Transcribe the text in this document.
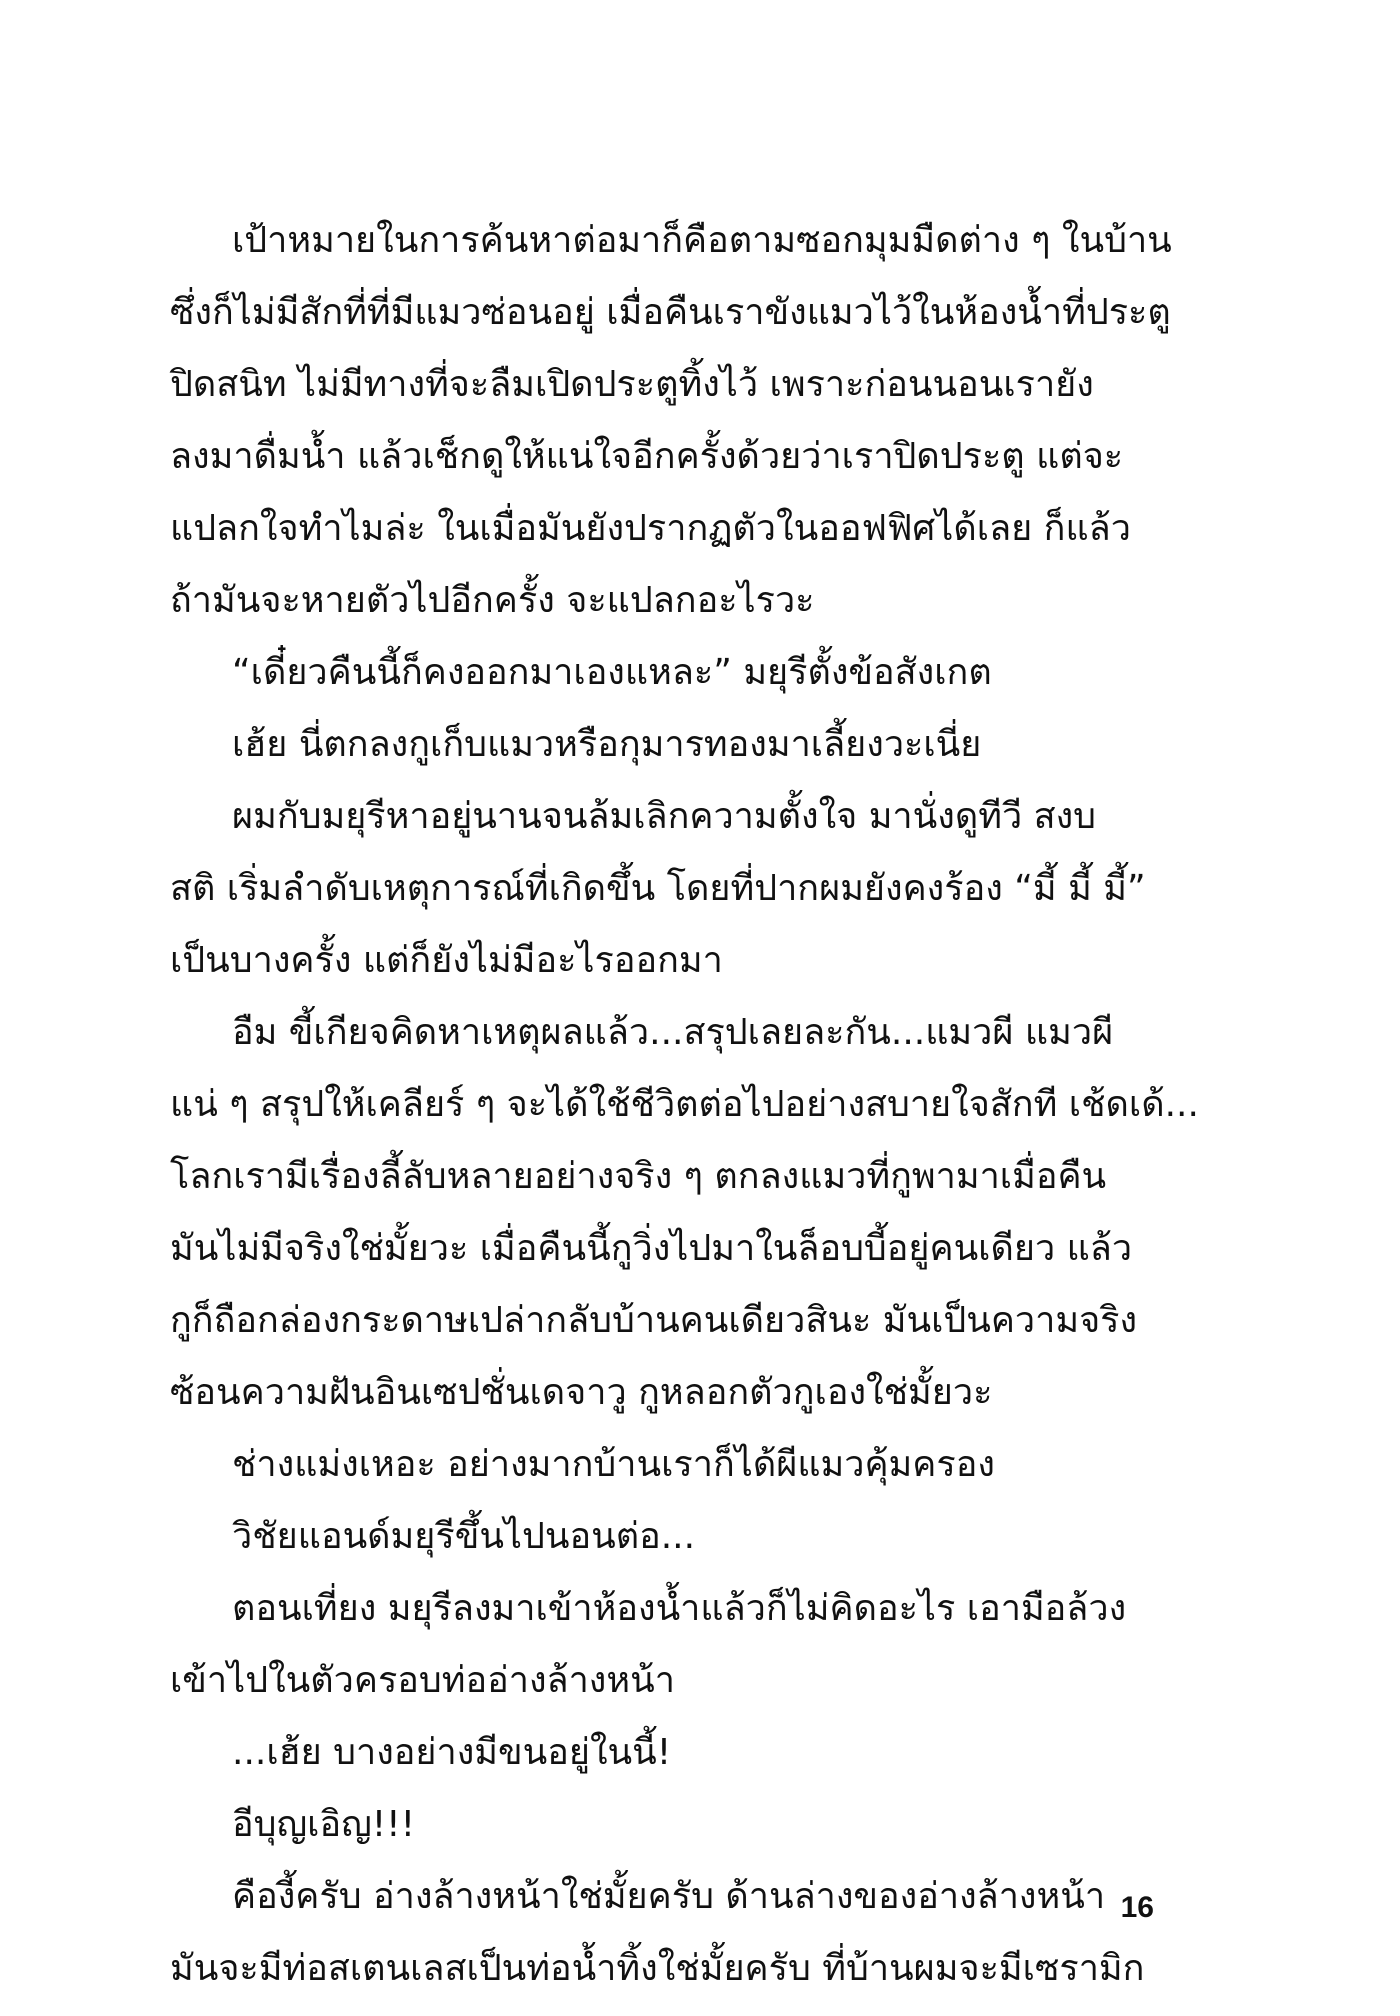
เป้าหมายในการค้นหาต่อมาก็คือตามซอกมุมมืดต่าง ๆ ในบ้าน
ซึ่งก็ไม่มีสักที่ที่มีแมวซ่อนอยู่ เมื่อคืนเราขังแมวไว้ในห้องน้ำที่ประตู
ปิดสนิท ไม่มีทางที่จะลืมเปิดประตูทิ้งไว้ เพราะก่อนนอนเรายัง
ลงมาดื่มน้ำ แล้วเช็กดูให้แน่ใจอีกครั้งด้วยว่าเราปิดประตู แต่จะ
แปลกใจทำไมล่ะ ในเมื่อมันยังปรากฏตัวในออฟฟิศได้เลย ก็แล้ว
ถ้ามันจะหายตัวไปอีกครั้ง จะแปลกอะไรวะ
“เดี๋ยวคืนนี้ก็คงออกมาเองแหละ” มยุรีตั้งข้อสังเกต
เฮ้ย นี่ตกลงกูเก็บแมวหรือกุมารทองมาเลี้ยงวะเนี่ย
ผมกับมยุรีหาอยู่นานจนล้มเลิกความตั้งใจ มานั่งดูทีวี สงบ
สติ เริ่มลำดับเหตุการณ์ที่เกิดขึ้น โดยที่ปากผมยังคงร้อง “มี้ มี้ มี้”
เป็นบางครั้ง แต่ก็ยังไม่มีอะไรออกมา
อืม ขี้เกียจคิดหาเหตุผลแล้ว...สรุปเลยละกัน...แมวผี แมวผี
แน่ ๆ สรุปให้เคลียร์ ๆ จะได้ใช้ชีวิตต่อไปอย่างสบายใจสักที เช้ดเด้...
โลกเรามีเรื่องลี้ลับหลายอย่างจริง ๆ ตกลงแมวที่กูพามาเมื่อคืน
มันไม่มีจริงใช่มั้ยวะ เมื่อคืนนี้กูวิ่งไปมาในล็อบบี้อยู่คนเดียว แล้ว
กูก็ถือกล่องกระดาษเปล่ากลับบ้านคนเดียวสินะ มันเป็นความจริง
ซ้อนความฝันอินเซปชั่นเดจาวู กูหลอกตัวกูเองใช่มั้ยวะ
ช่างแม่งเหอะ อย่างมากบ้านเราก็ได้ผีแมวคุ้มครอง
วิชัยแอนด์มยุรีขึ้นไปนอนต่อ...
ตอนเที่ยง มยุรีลงมาเข้าห้องน้ำแล้วก็ไม่คิดอะไร เอามือล้วง
เข้าไปในตัวครอบท่ออ่างล้างหน้า
...เฮ้ย บางอย่างมีขนอยู่ในนี้!
อีบุญเอิญ!!!
คืองี้ครับ อ่างล้างหน้าใช่มั้ยครับ ด้านล่างของอ่างล้างหน้า
มันจะมีท่อสเตนเลสเป็นท่อน้ำทิ้งใช่มั้ยครับ ที่บ้านผมจะมีเซรามิก
16
